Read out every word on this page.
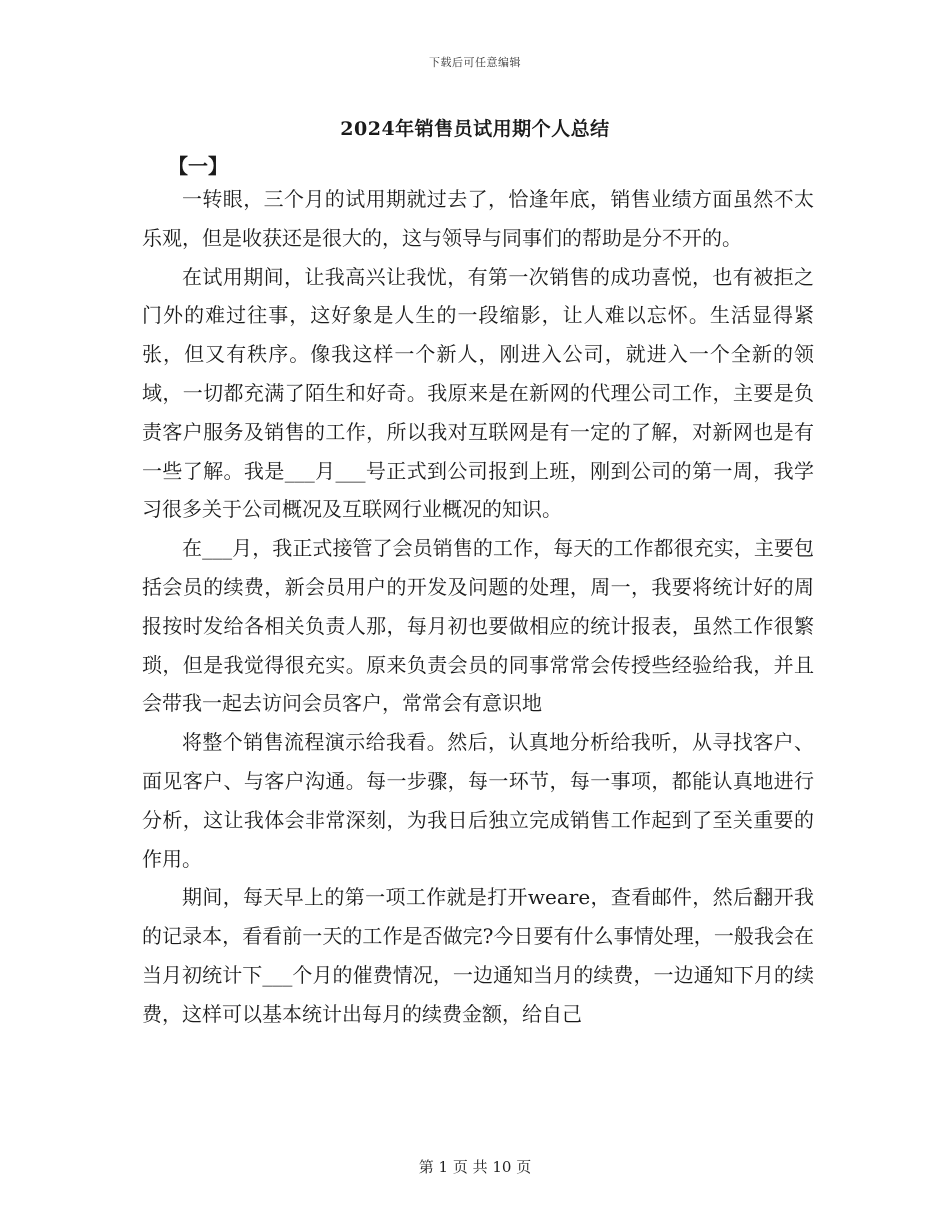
下载后可任意编辑
2024年销售员试用期个人总结
【一】

一转眼，三个月的试用期就过去了，恰逢年底，销售业绩方面虽然不太乐观，但是收获还是很大的，这与领导与同事们的帮助是分不开的。

在试用期间，让我高兴让我忧，有第一次销售的成功喜悦，也有被拒之门外的难过往事，这好象是人生的一段缩影，让人难以忘怀。生活显得紧张，但又有秩序。像我这样一个新人，刚进入公司，就进入一个全新的领域，一切都充满了陌生和好奇。我原来是在新网的代理公司工作，主要是负责客户服务及销售的工作，所以我对互联网是有一定的了解，对新网也是有一些了解。我是___月___号正式到公司报到上班，刚到公司的第一周，我学习很多关于公司概况及互联网行业概况的知识。

在___月，我正式接管了会员销售的工作，每天的工作都很充实，主要包括会员的续费，新会员用户的开发及问题的处理，周一，我要将统计好的周报按时发给各相关负责人那，每月初也要做相应的统计报表，虽然工作很繁琐，但是我觉得很充实。原来负责会员的同事常常会传授些经验给我，并且会带我一起去访问会员客户，常常会有意识地

将整个销售流程演示给我看。然后，认真地分析给我听，从寻找客户、面见客户、与客户沟通。每一步骤，每一环节，每一事项，都能认真地进行分析，这让我体会非常深刻，为我日后独立完成销售工作起到了至关重要的作用。

期间，每天早上的第一项工作就是打开weare，查看邮件，然后翻开我的记录本，看看前一天的工作是否做完?今日要有什么事情处理，一般我会在当月初统计下___个月的催费情况，一边通知当月的续费，一边通知下月的续费，这样可以基本统计出每月的续费金额，给自己

第 1 页 共 10 页
